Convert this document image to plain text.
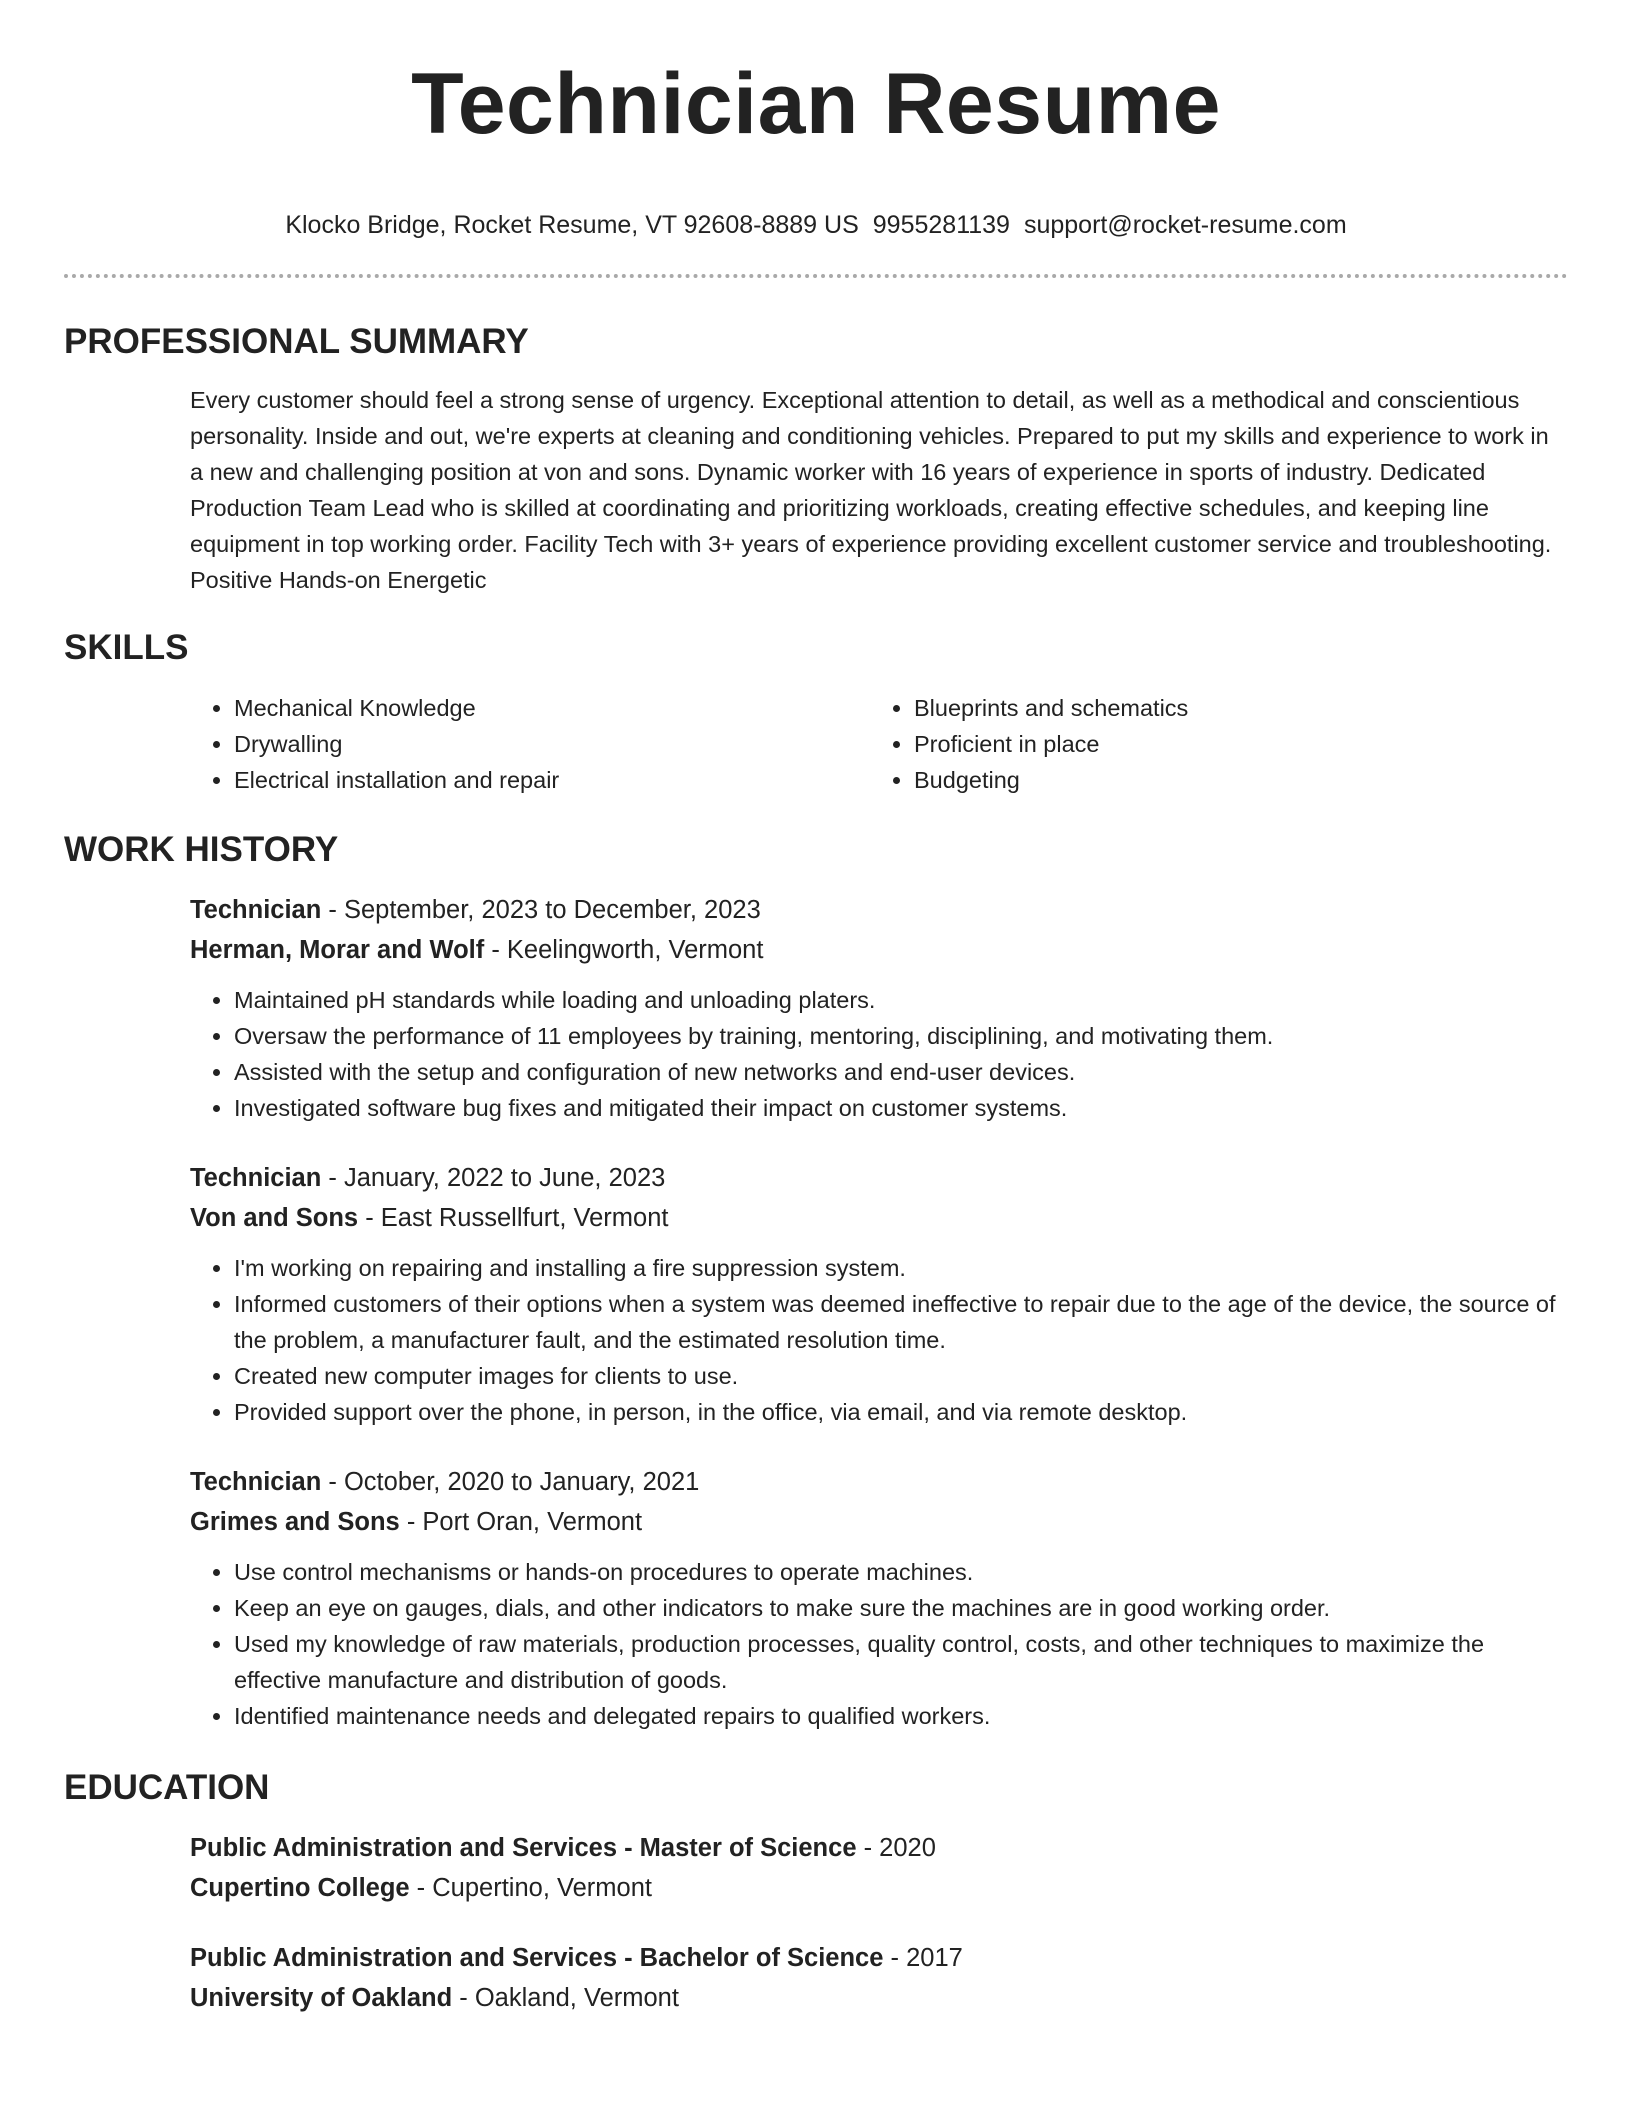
Technician Resume
Klocko Bridge, Rocket Resume, VT 92608-8889 US 9955281139 support@rocket-resume.com
PROFESSIONAL SUMMARY

Every customer should feel a strong sense of urgency. Exceptional attention to detail, as well as a methodical and conscientious personality. Inside and out, we're experts at cleaning and conditioning vehicles. Prepared to put my skills and experience to work in a new and challenging position at von and sons. Dynamic worker with 16 years of experience in sports of industry. Dedicated Production Team Lead who is skilled at coordinating and prioritizing workloads, creating effective schedules, and keeping line equipment in top working order. Facility Tech with 3+ years of experience providing excellent customer service and troubleshooting. Positive Hands-on Energetic

SKILLS
• Mechanical Knowledge
• Drywalling
• Electrical installation and repair
• Blueprints and schematics
• Proficient in place
• Budgeting
WORK HISTORY
Technician - September, 2023 to December, 2023
Herman, Morar and Wolf - Keelingworth, Vermont
• Maintained pH standards while loading and unloading platers.
• Oversaw the performance of 11 employees by training, mentoring, disciplining, and motivating them.
• Assisted with the setup and configuration of new networks and end-user devices.
• Investigated software bug fixes and mitigated their impact on customer systems.
Technician - January, 2022 to June, 2023
Von and Sons - East Russellfurt, Vermont
• I'm working on repairing and installing a fire suppression system.
• Informed customers of their options when a system was deemed ineffective to repair due to the age of the device, the source of the problem, a manufacturer fault, and the estimated resolution time.
• Created new computer images for clients to use.
• Provided support over the phone, in person, in the office, via email, and via remote desktop.
Technician - October, 2020 to January, 2021
Grimes and Sons - Port Oran, Vermont
• Use control mechanisms or hands-on procedures to operate machines.
• Keep an eye on gauges, dials, and other indicators to make sure the machines are in good working order.
• Used my knowledge of raw materials, production processes, quality control, costs, and other techniques to maximize the effective manufacture and distribution of goods.
• Identified maintenance needs and delegated repairs to qualified workers.
EDUCATION
Public Administration and Services - Master of Science - 2020
Cupertino College - Cupertino, Vermont
Public Administration and Services - Bachelor of Science - 2017
University of Oakland - Oakland, Vermont
